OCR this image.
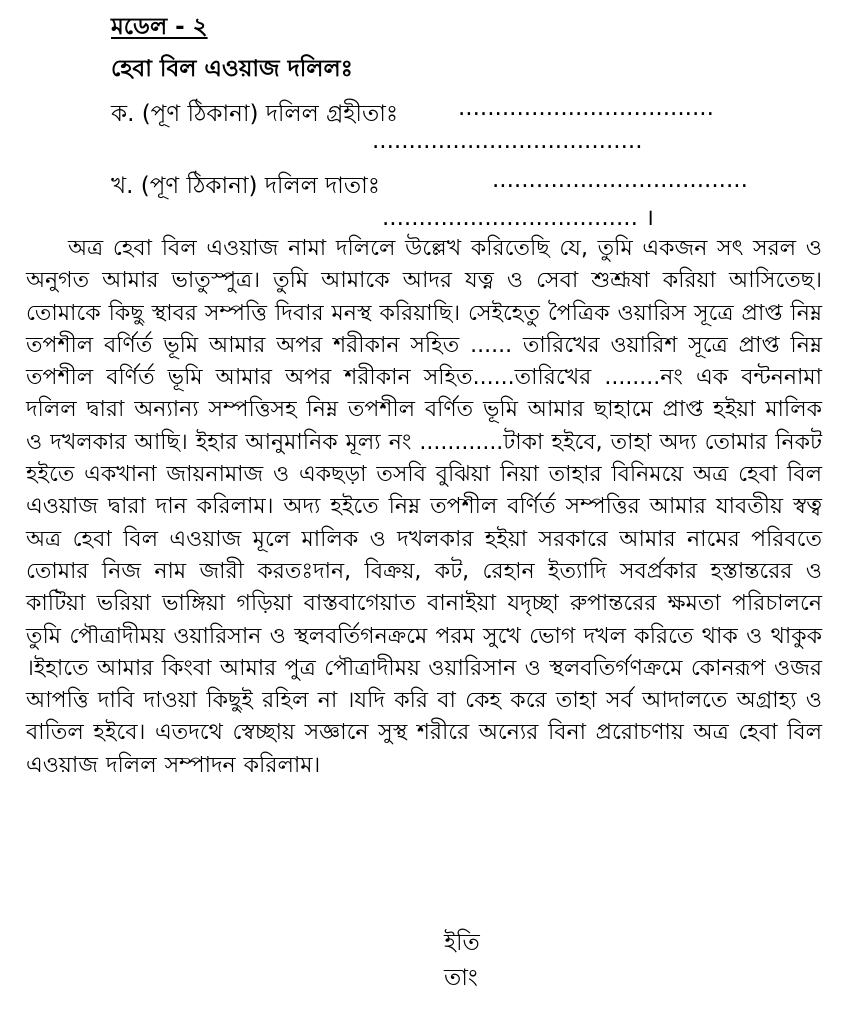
মডেল - ২
হেবা বিল এওয়াজ দলিলঃ
ক. (পূণ ঠিকানা) দলিল গ্রহীতাঃ	...................................
.....................................
খ. (পূণ ঠিকানা) দলিল দাতাঃ	...................................
................................... ।
অত্র হেবা বিল এওয়াজ নামা দলিলে উল্লেখ করিতেছি যে, তুমি একজন সৎ সরল ও অনুগত আমার ভাতুস্পুত্র। তুমি আমাকে আদর যত্ন ও সেবা শুশ্রূষা করিয়া আসিতেছ। তোমাকে কিছু স্থাবর সম্পত্তি দিবার মনস্থ করিয়াছি। সেইহেতু পৈত্রিক ওয়ারিস সূত্রে প্রাপ্ত নিম্ন তপশীল বর্ণির্ত ভূমি আমার অপর শরীকান সহিত ...... তারিখের ওয়ারিশ সূত্রে প্রাপ্ত নিম্ন তপশীল বর্ণির্ত ভূমি আমার অপর শরীকান সহিত......তারিখের ........নং এক বন্টননামা দলিল দ্বারা অন্যান্য সম্পত্তিসহ নিম্ন তপশীল বর্ণিত ভূমি আমার ছাহামে প্রাপ্ত হইয়া মালিক ও দখলকার আছি। ইহার আনুমানিক মূল্য নং ............টাকা হইবে, তাহা অদ্য তোমার নিকট হইতে একখানা জায়নামাজ ও একছড়া তসবি বুঝিয়া নিয়া তাহার বিনিময়ে অত্র হেবা বিল এওয়াজ দ্বারা দান করিলাম। অদ্য হইতে নিম্ন তপশীল বর্ণির্ত সম্পত্তির আমার যাবতীয় স্বত্ব অত্র হেবা বিল এওয়াজ মূলে মালিক ও দখলকার হইয়া সরকারে আমার নামের পরিবতে তোমার নিজ নাম জারী করতঃদান, বিক্রয়, কট, রেহান ইত্যাদি সবর্প্রকার হস্তান্তরের ও কাটিয়া ভরিয়া ভাঙ্গিয়া গড়িয়া বাস্তবাগেয়াত বানাইয়া যদৃচ্ছা রুপান্তরের ক্ষমতা পরিচালনে তুমি পৌত্রাদীময় ওয়ারিসান ও স্থলবর্তিগনক্রমে পরম সুখে ভোগ দখল করিতে থাক ও থাকুক ।ইহাতে আমার কিংবা আমার পুত্র পৌত্রাদীময় ওয়ারিসান ও স্থলবতির্গণক্রমে কোনরূপ ওজর আপত্তি দাবি দাওয়া কিছুই রহিল না ।যদি করি বা কেহ করে তাহা সর্ব আদালতে অগ্রাহ্য ও বাতিল হইবে। এতদথে স্বেচ্ছায় সজ্ঞানে সুস্থ শরীরে অন্যের বিনা প্ররোচণায় অত্র হেবা বিল এওয়াজ দলিল সম্পাদন করিলাম।
ইতি
তাং
